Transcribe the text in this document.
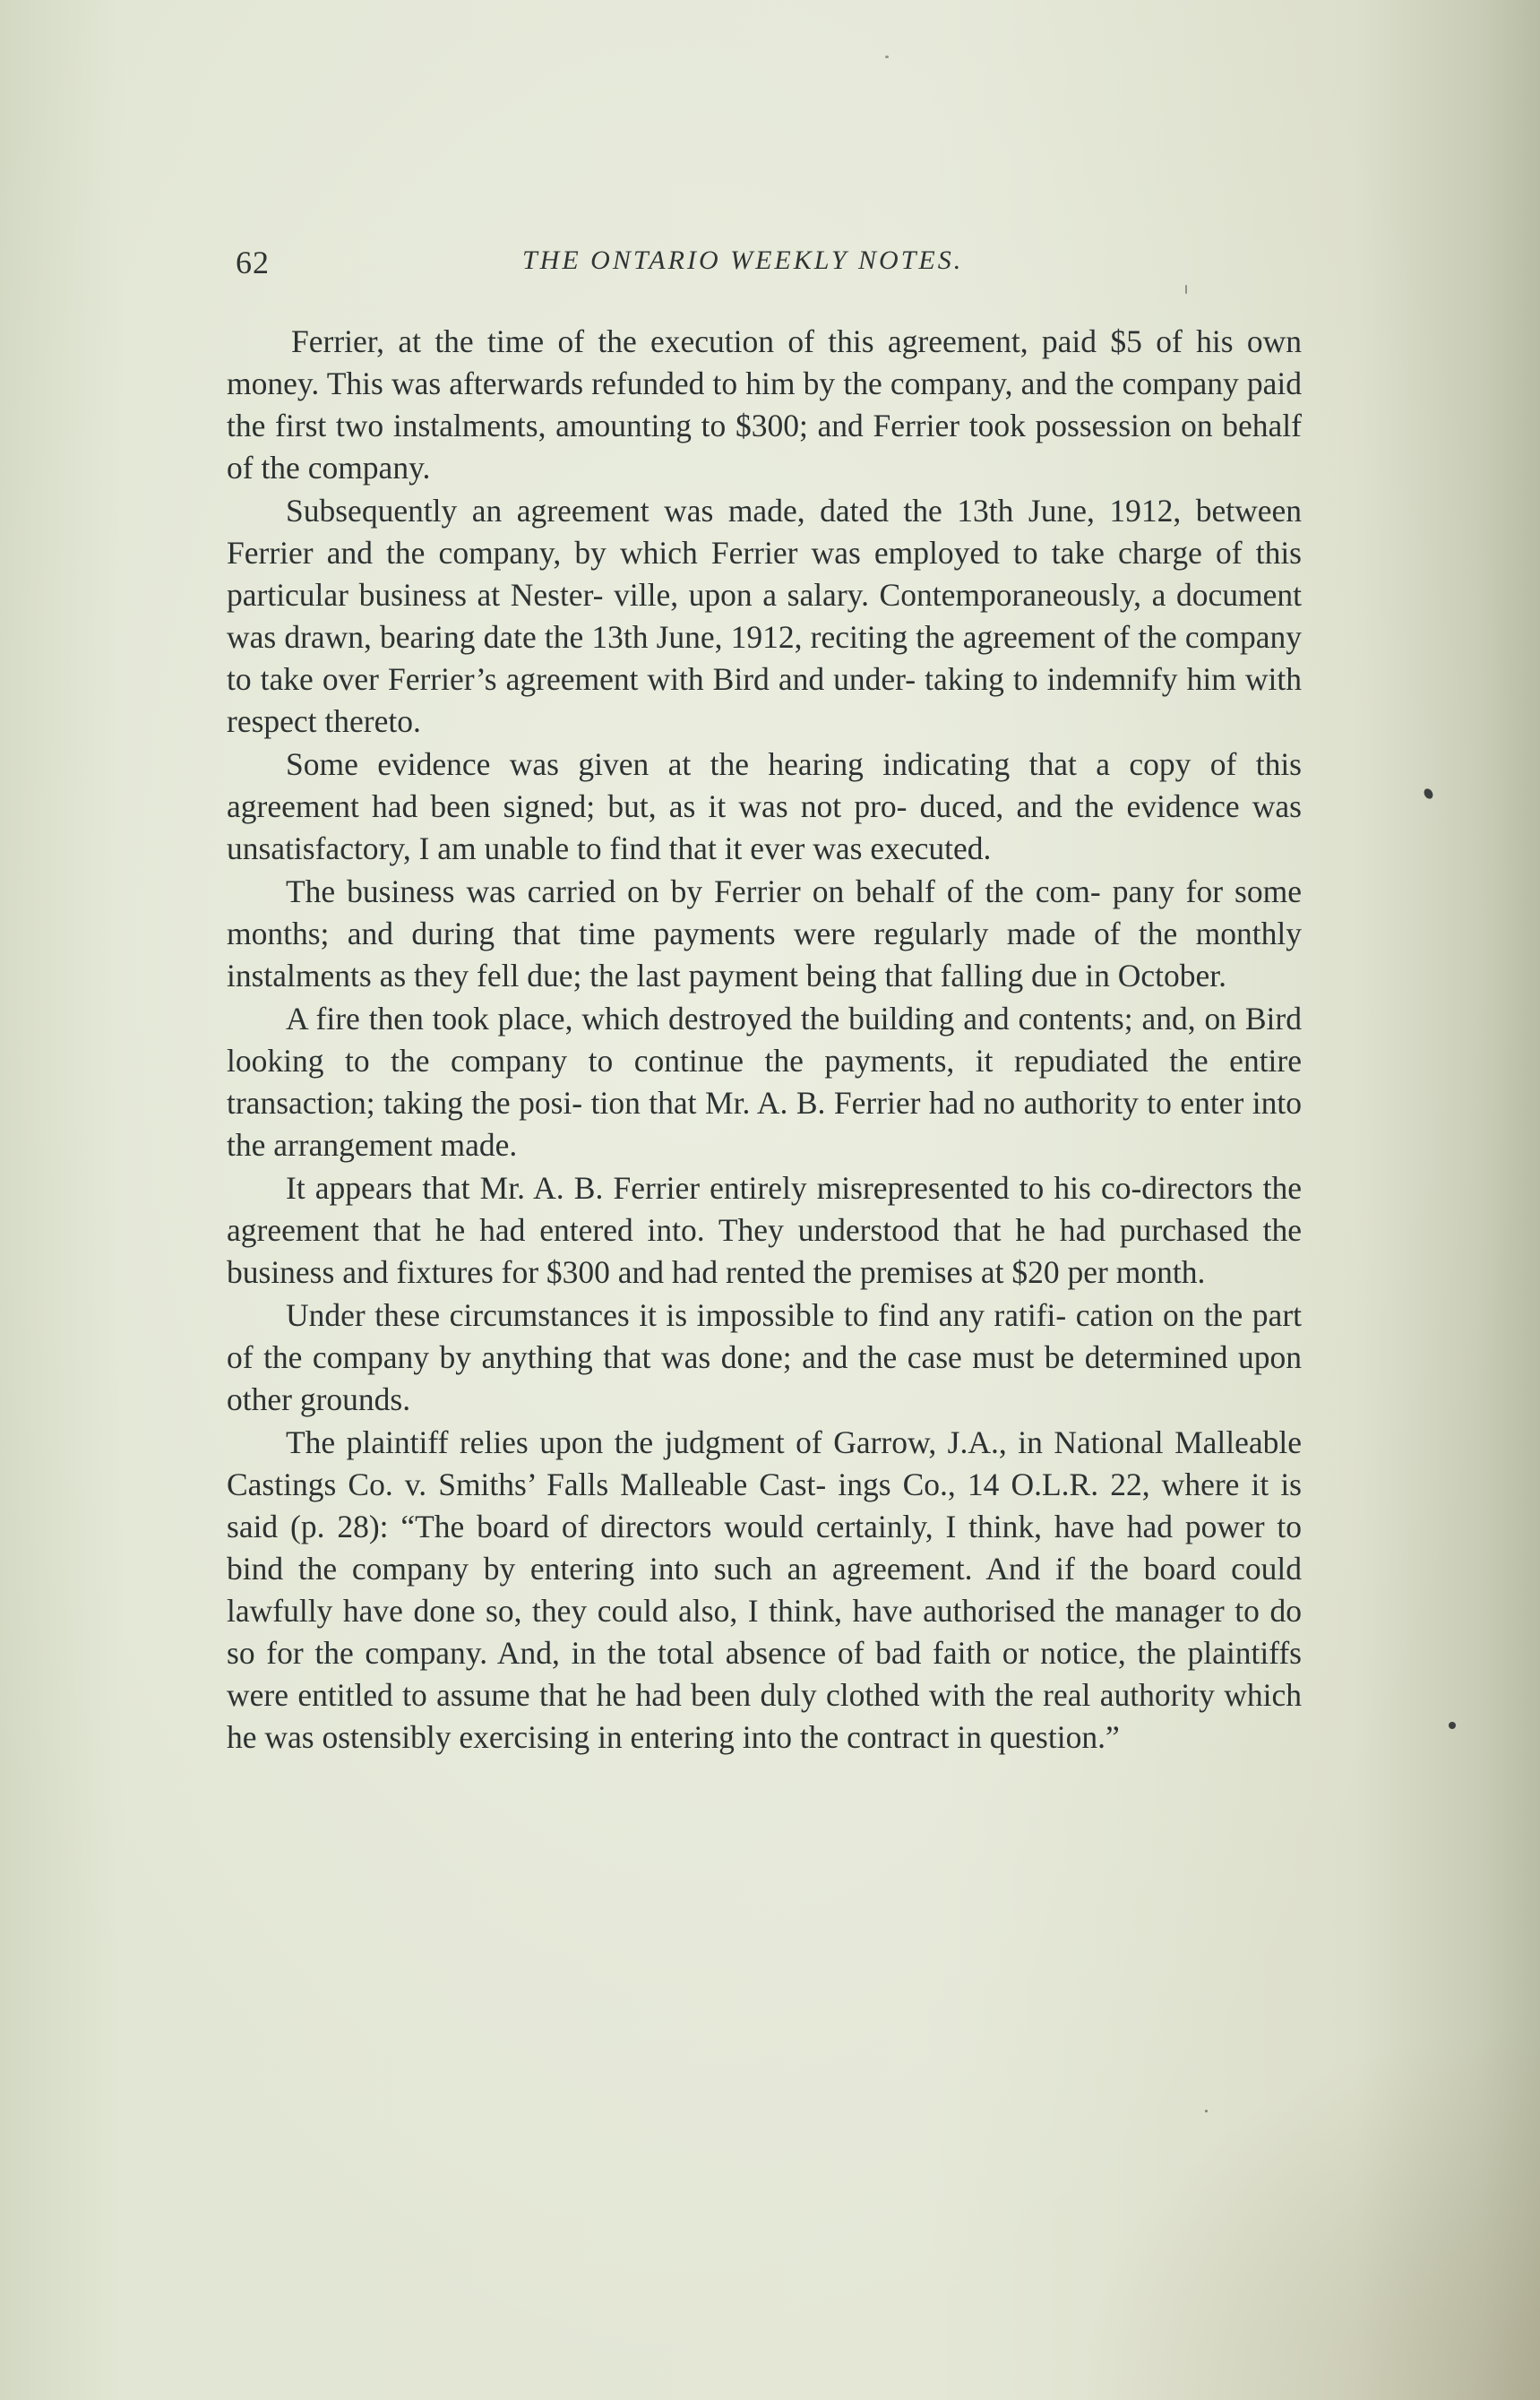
62	THE ONTARIO WEEKLY NOTES.

Ferrier, at the time of the execution of this agreement, paid $5 of his own money. This was afterwards refunded to him by the company, and the company paid the first two instalments, amounting to $300; and Ferrier took possession on behalf of the company.

Subsequently an agreement was made, dated the 13th June, 1912, between Ferrier and the company, by which Ferrier was employed to take charge of this particular business at Nester- ville, upon a salary. Contemporaneously, a document was drawn, bearing date the 13th June, 1912, reciting the agreement of the company to take over Ferrier’s agreement with Bird and under- taking to indemnify him with respect thereto.

Some evidence was given at the hearing indicating that a copy of this agreement had been signed; but, as it was not pro- duced, and the evidence was unsatisfactory, I am unable to find that it ever was executed.

The business was carried on by Ferrier on behalf of the com- pany for some months; and during that time payments were regularly made of the monthly instalments as they fell due; the last payment being that falling due in October.

A fire then took place, which destroyed the building and contents; and, on Bird looking to the company to continue the payments, it repudiated the entire transaction; taking the posi- tion that Mr. A. B. Ferrier had no authority to enter into the arrangement made.

It appears that Mr. A. B. Ferrier entirely misrepresented to his co-directors the agreement that he had entered into. They understood that he had purchased the business and fixtures for $300 and had rented the premises at $20 per month.

Under these circumstances it is impossible to find any ratifi- cation on the part of the company by anything that was done; and the case must be determined upon other grounds.

The plaintiff relies upon the judgment of Garrow, J.A., in National Malleable Castings Co. v. Smiths’ Falls Malleable Cast- ings Co., 14 O.L.R. 22, where it is said (p. 28): “The board of directors would certainly, I think, have had power to bind the company by entering into such an agreement. And if the board could lawfully have done so, they could also, I think, have authorised the manager to do so for the company. And, in the total absence of bad faith or notice, the plaintiffs were entitled to assume that he had been duly clothed with the real authority which he was ostensibly exercising in entering into the contract in question.”
